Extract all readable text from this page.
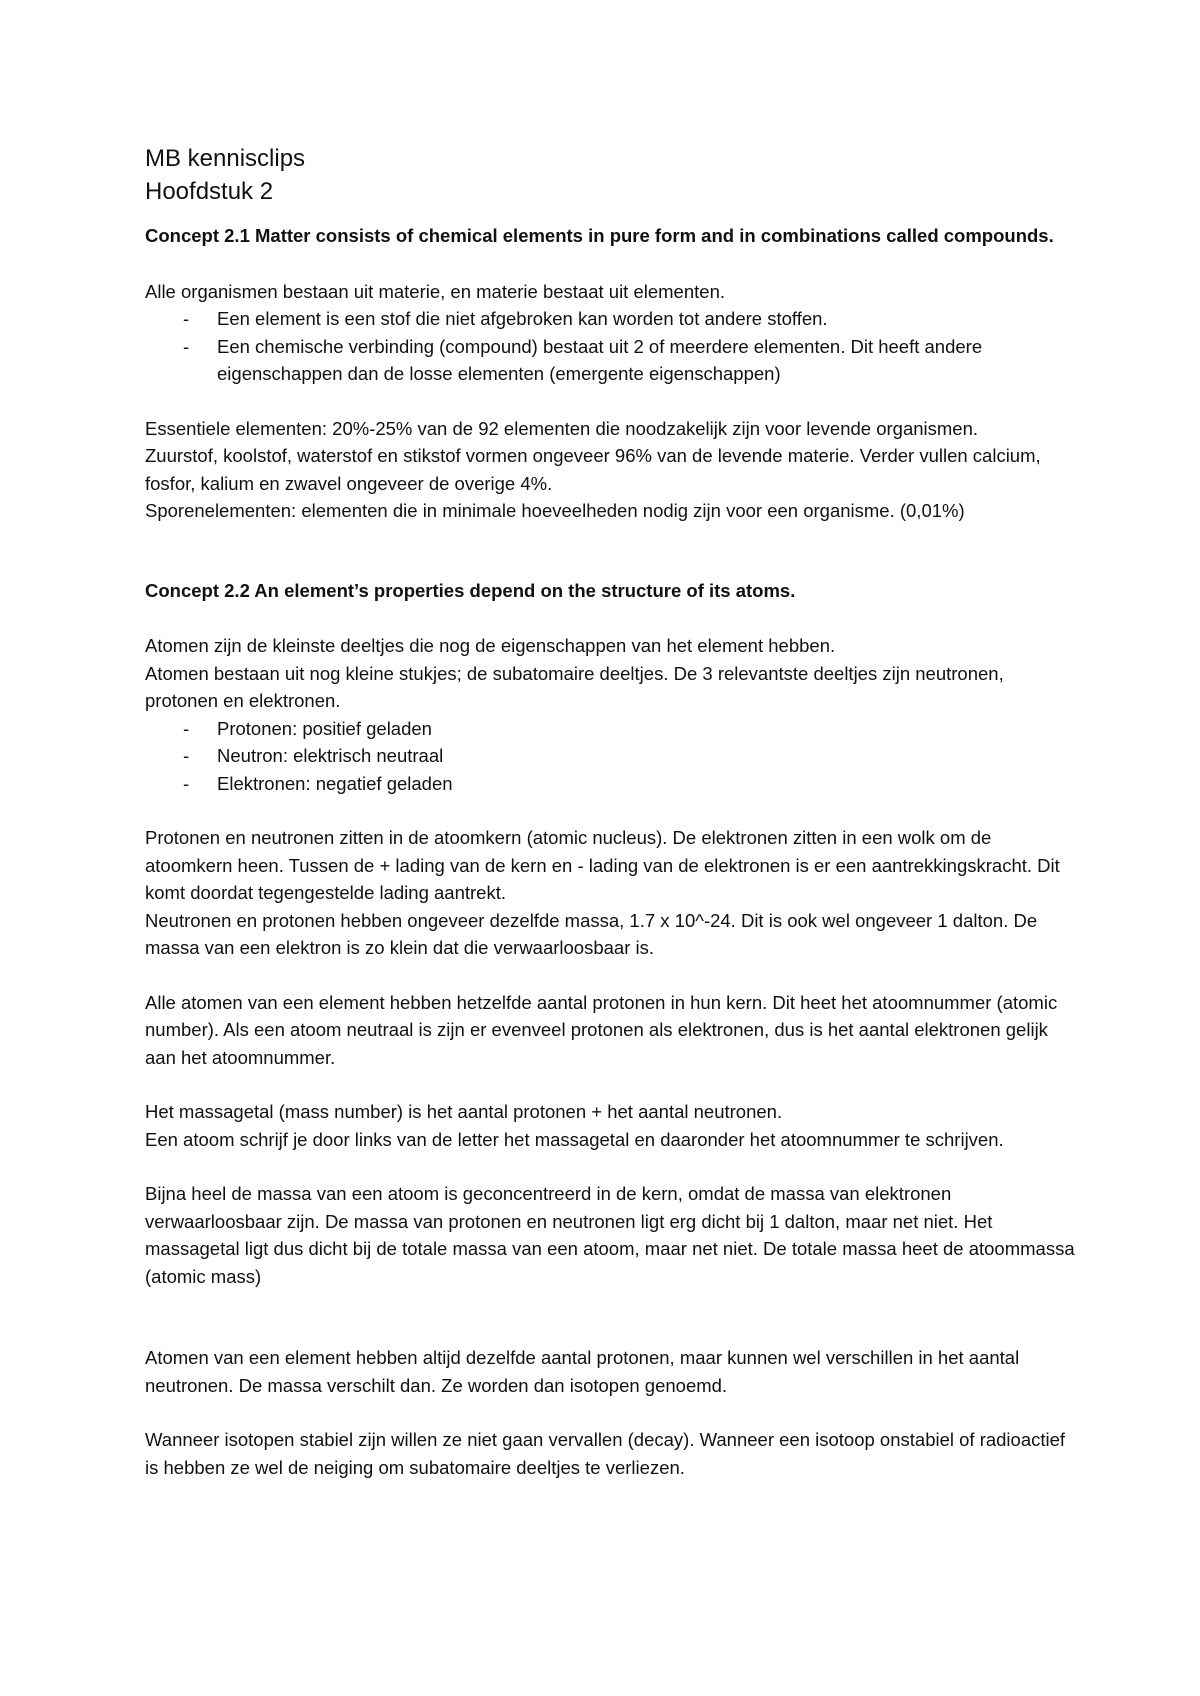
MB kennisclips
Hoofdstuk 2
Concept 2.1 Matter consists of chemical elements in pure form and in combinations called compounds.

Alle organismen bestaan uit materie, en materie bestaat uit elementen.

- Een element is een stof die niet afgebroken kan worden tot andere stoffen.
- Een chemische verbinding (compound) bestaat uit 2 of meerdere elementen. Dit heeft andere eigenschappen dan de losse elementen (emergente eigenschappen)

Essentiele elementen: 20%-25% van de 92 elementen die noodzakelijk zijn voor levende organismen.

Zuurstof, koolstof, waterstof en stikstof vormen ongeveer 96% van de levende materie. Verder vullen calcium, fosfor, kalium en zwavel ongeveer de overige 4%.

Sporenelementen: elementen die in minimale hoeveelheden nodig zijn voor een organisme. (0,01%)

Concept 2.2 An element’s properties depend on the structure of its atoms.

Atomen zijn de kleinste deeltjes die nog de eigenschappen van het element hebben.

Atomen bestaan uit nog kleine stukjes; de subatomaire deeltjes. De 3 relevantste deeltjes zijn neutronen, protonen en elektronen.

- Protonen: positief geladen
- Neutron: elektrisch neutraal
- Elektronen: negatief geladen

Protonen en neutronen zitten in de atoomkern (atomic nucleus). De elektronen zitten in een wolk om de atoomkern heen. Tussen de + lading van de kern en - lading van de elektronen is er een aantrekkingskracht. Dit komt doordat tegengestelde lading aantrekt.

Neutronen en protonen hebben ongeveer dezelfde massa, 1.7 x 10^-24. Dit is ook wel ongeveer 1 dalton. De massa van een elektron is zo klein dat die verwaarloosbaar is.

Alle atomen van een element hebben hetzelfde aantal protonen in hun kern. Dit heet het atoomnummer (atomic number). Als een atoom neutraal is zijn er evenveel protonen als elektronen, dus is het aantal elektronen gelijk aan het atoomnummer.

Het massagetal (mass number) is het aantal protonen + het aantal neutronen.

Een atoom schrijf je door links van de letter het massagetal en daaronder het atoomnummer te schrijven.

Bijna heel de massa van een atoom is geconcentreerd in de kern, omdat de massa van elektronen verwaarloosbaar zijn. De massa van protonen en neutronen ligt erg dicht bij 1 dalton, maar net niet. Het massagetal ligt dus dicht bij de totale massa van een atoom, maar net niet. De totale massa heet de atoommassa (atomic mass)

Atomen van een element hebben altijd dezelfde aantal protonen, maar kunnen wel verschillen in het aantal neutronen. De massa verschilt dan. Ze worden dan isotopen genoemd.

Wanneer isotopen stabiel zijn willen ze niet gaan vervallen (decay). Wanneer een isotoop onstabiel of radioactief is hebben ze wel de neiging om subatomaire deeltjes te verliezen.
